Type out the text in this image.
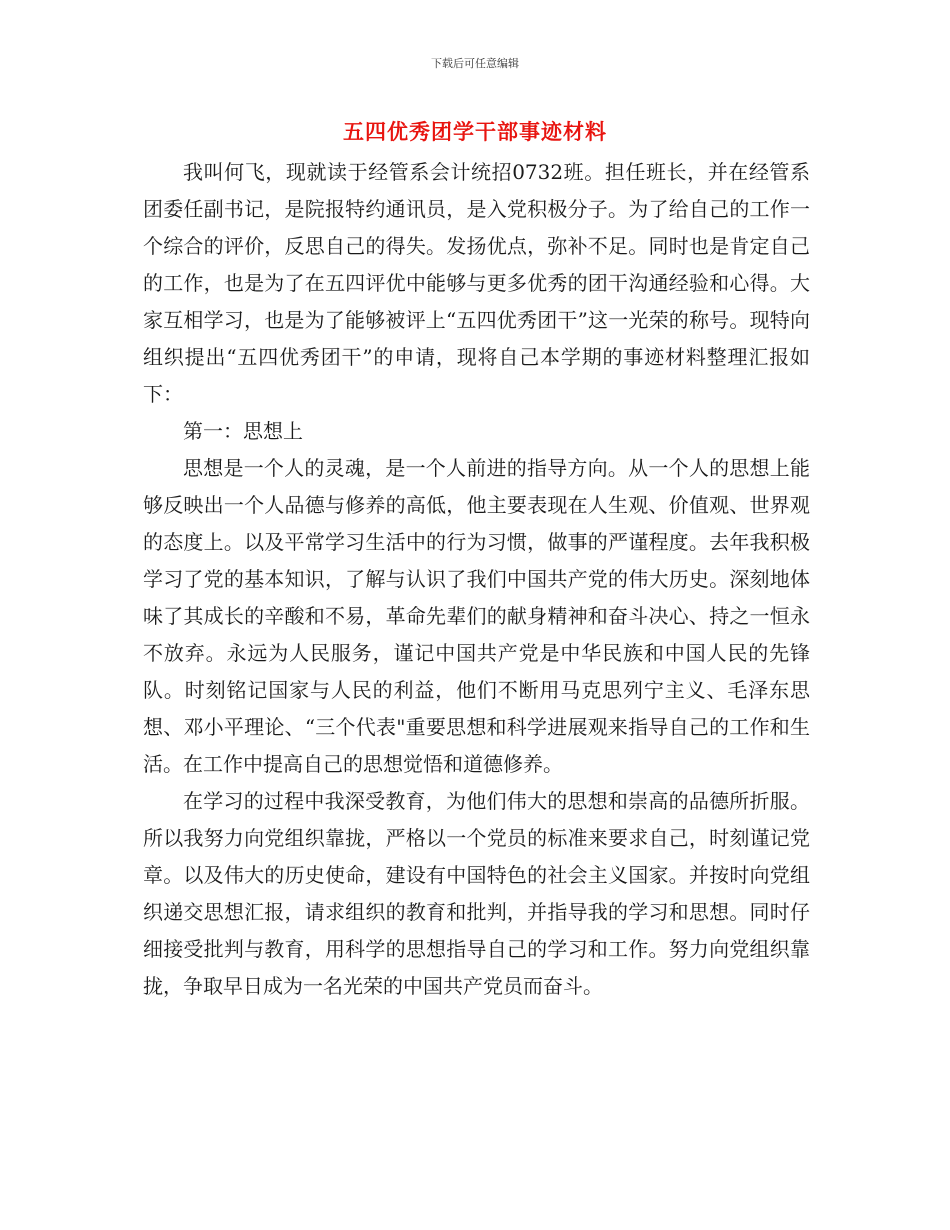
下载后可任意编辑
五四优秀团学干部事迹材料

我叫何飞，现就读于经管系会计统招0732班。担任班长，并在经管系团委任副书记，是院报特约通讯员，是入党积极分子。为了给自己的工作一个综合的评价，反思自己的得失。发扬优点，弥补不足。同时也是肯定自己的工作，也是为了在五四评优中能够与更多优秀的团干沟通经验和心得。大家互相学习，也是为了能够被评上“五四优秀团干”这一光荣的称号。现特向组织提出“五四优秀团干”的申请，现将自己本学期的事迹材料整理汇报如下：

第一：思想上

思想是一个人的灵魂，是一个人前进的指导方向。从一个人的思想上能够反映出一个人品德与修养的高低，他主要表现在人生观、价值观、世界观的态度上。以及平常学习生活中的行为习惯，做事的严谨程度。去年我积极学习了党的基本知识，了解与认识了我们中国共产党的伟大历史。深刻地体味了其成长的辛酸和不易，革命先辈们的献身精神和奋斗决心、持之一恒永不放弃。永远为人民服务，谨记中国共产党是中华民族和中国人民的先锋队。时刻铭记国家与人民的利益，他们不断用马克思列宁主义、毛泽东思想、邓小平理论、“三个代表"重要思想和科学进展观来指导自己的工作和生活。在工作中提高自己的思想觉悟和道德修养。

在学习的过程中我深受教育，为他们伟大的思想和崇高的品德所折服。所以我努力向党组织靠拢，严格以一个党员的标准来要求自己，时刻谨记党章。以及伟大的历史使命，建设有中国特色的社会主义国家。并按时向党组织递交思想汇报，请求组织的教育和批判，并指导我的学习和思想。同时仔细接受批判与教育，用科学的思想指导自己的学习和工作。努力向党组织靠拢，争取早日成为一名光荣的中国共产党员而奋斗。
